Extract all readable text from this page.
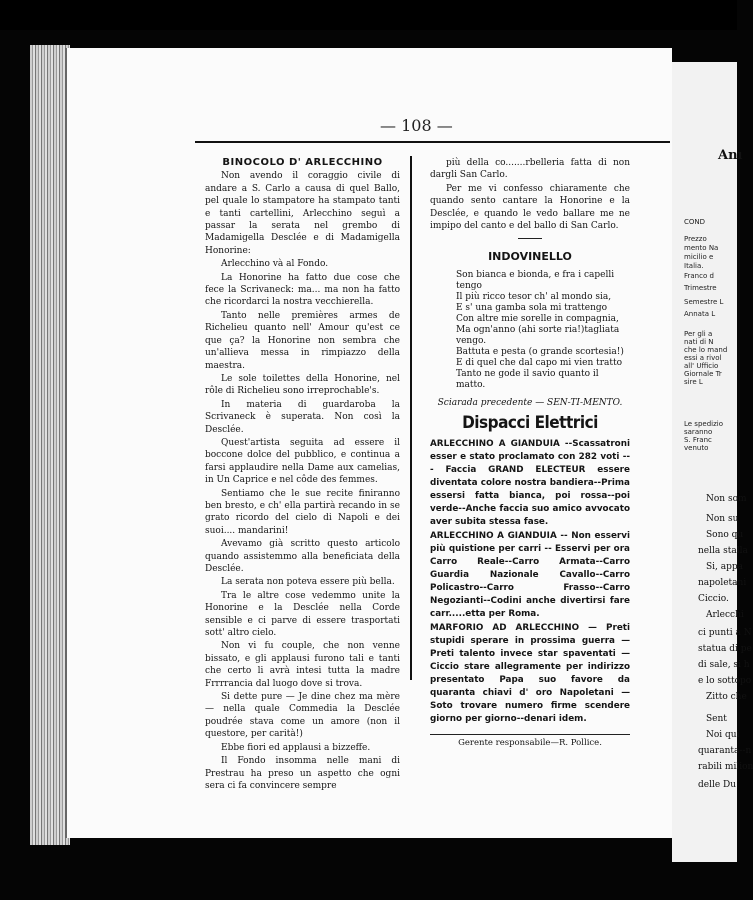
— 108 —

BINOCOLO D' ARLECCHINO

Non avendo il coraggio civile di andare a S. Carlo a causa di quel Ballo, pel quale lo stampatore ha stampato tanti e tanti cartellini, Arlecchino seguì a passar la serata nel grembo di Madamigella Desclée e di Madamigella Honorine:

Arlecchino và al Fondo.

La Honorine ha fatto due cose che fece la Scrivaneck: ma... ma non ha fatto che ricordarci la nostra vecchierella.

Tanto nelle premières armes de Richelieu quanto nell' Amour qu'est ce que ça? la Honorine non sembra che un'allieva messa in rimpiazzo della maestra.

Le sole toilettes della Honorine, nel rôle di Richelieu sono irreprochable's.

In materia di guardaroba la Scrivaneck è superata. Non così la Desclée.

Quest'artista seguita ad essere il boccone dolce del pubblico, e continua a farsi applaudire nella Dame aux camelias, in Un Caprice e nel côde des femmes.

Sentiamo che le sue recite finiranno ben bresto, e ch' ella partirà recando in se grato ricordo del cielo di Napoli e dei suoi.... mandarini!

Avevamo già scritto questo articolo quando assistemmo alla beneficiata della Desclée.

La serata non poteva essere più bella.

Tra le altre cose vedemmo unite la Honorine e la Desclée nella Corde sensible e ci parve di essere trasportati sott' altro cielo.

Non vi fu couple, che non venne bissato, e gli applausi furono tali e tanti che certo li avrà intesi tutta la madre Frrrrancia dal luogo dove si trova.

Si dette pure — Je dine chez ma mère — nella quale Commedia la Desclée poudrée stava come un amore (non il questore, per carità!)

Ebbe fiori ed applausi a bizzeffe.

Il Fondo insomma nelle mani di Prestrau ha preso un aspetto che ogni sera ci fa convincere sempre

più della co.......rbelleria fatta di non dargli San Carlo.

Per me vi confesso chiaramente che quando sento cantare la Honorine e la Desclée, e quando le vedo ballare me ne impipo del canto e del ballo di San Carlo.

INDOVINELLO
Son bianca e bionda, e fra i capelli tengo
Il più ricco tesor ch' al mondo sia,
E s' una gamba sola mi trattengo
Con altre mie sorelle in compagnia,
Ma ogn'anno (ahi sorte ria!)tagliata vengo.
Battuta e pesta (o grande scortesia!)
E di quel che dal capo mi vien tratto
Tanto ne gode il savio quanto il matto.
Sciarada precedente — SEN-TI-MENTO.
Dispacci Elettrici

ARLECCHINO A GIANDUIA --Scassatroni esser e stato proclamato con 282 voti --- Faccia GRAND ELECTEUR essere diventata colore nostra bandiera--Prima essersi fatta bianca, poi rossa--poi verde--Anche faccia suo amico avvocato aver subita stessa fase.

ARLECCHINO A GIANDUIA -- Non esservi più quistione per carri -- Esservi per ora Carro Reale--Carro Armata--Carro Guardia Nazionale Cavallo--Carro Policastro--Carro Frasso--Carro Negozianti--Codini anche divertirsi fare carr.....etta per Roma.

MARFORIO AD ARLECCHINO — Preti stupidi sperare in prossima guerra — Preti talento invece star spaventati — Ciccio stare allegramente per indirizzo presentato Papa suo favore da quaranta chiavi d' oro Napoletani — Soto trovare numero firme scendere giorno per giorno--denari idem.

Gerente responsabile—R. Pollice.
Anı
COND
Prezzo
mento Na
micilio e
Italia.
Franco d
Trimestre
Semestre L
Annata L
Per gli a
nati di N
che lo mand
essi a rivol
all' Ufficio
Giornale Tr
sire L
Le spedizio
saranno
S. Franc
venuto
Non som
Non su
Sono qu
nella stalla
Si, appa
napoletani
Ciccio.
Arlecchi
ci punti a N
statua di pe
di sale, si h
e lo sottopo
Zitto che
Sent
Noi qui
quaranta--n
rabili milion
delle Du
